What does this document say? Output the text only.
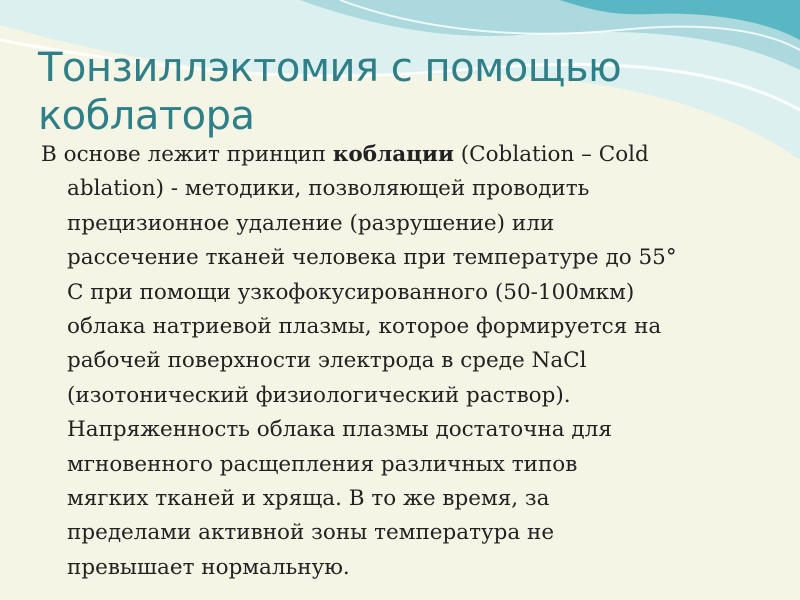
Тонзиллэктомия с помощью
коблатора
В основе лежит принцип коблации (Coblation – Cold
ablation) - методики, позволяющей проводить
прецизионное удаление (разрушение) или
рассечение тканей человека при температуре до 55°
С при помощи узкофокусированного (50-100мкм)
облака натриевой плазмы, которое формируется на
рабочей поверхности электрода в среде NaCl
(изотонический физиологический раствор).
Напряженность облака плазмы достаточна для
мгновенного расщепления различных типов
мягких тканей и хряща. В то же время, за
пределами активной зоны температура не
превышает нормальную.
